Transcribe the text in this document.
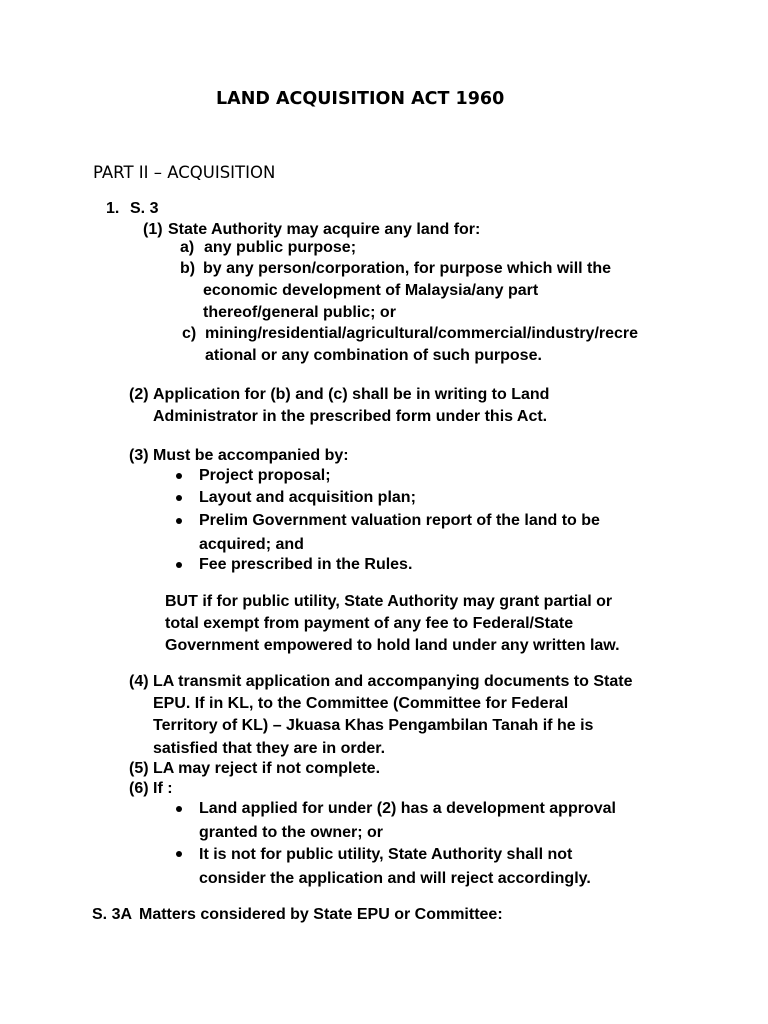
LAND ACQUISITION ACT 1960
PART II – ACQUISITION
1. S. 3
(1) State Authority may acquire any land for:
a) any public purpose;
b) by any person/corporation, for purpose which will the
economic development of Malaysia/any part
thereof/general public; or
c) mining/residential/agricultural/commercial/industry/recre
ational or any combination of such purpose.
(2) Application for (b) and (c) shall be in writing to Land
Administrator in the prescribed form under this Act.
(3) Must be accompanied by:
Project proposal;
Layout and acquisition plan;
Prelim Government valuation report of the land to be
acquired; and
Fee prescribed in the Rules.
BUT if for public utility, State Authority may grant partial or
total exempt from payment of any fee to Federal/State
Government empowered to hold land under any written law.
(4) LA transmit application and accompanying documents to State
EPU. If in KL, to the Committee (Committee for Federal
Territory of KL) – Jkuasa Khas Pengambilan Tanah if he is
satisfied that they are in order.
(5) LA may reject if not complete.
(6) If :
Land applied for under (2) has a development approval
granted to the owner; or
It is not for public utility, State Authority shall not
consider the application and will reject accordingly.
S. 3A Matters considered by State EPU or Committee:
